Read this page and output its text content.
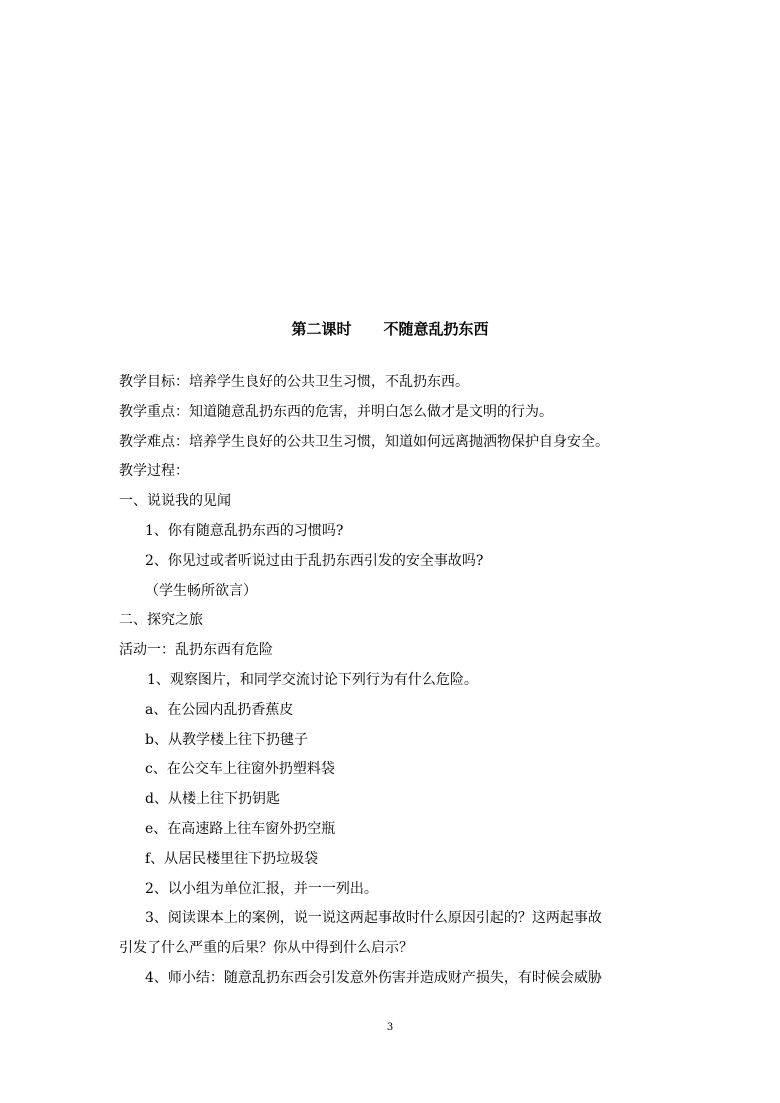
第二课时 不随意乱扔东西
教学目标：培养学生良好的公共卫生习惯，不乱扔东西。
教学重点：知道随意乱扔东西的危害，并明白怎么做才是文明的行为。
教学难点：培养学生良好的公共卫生习惯，知道如何远离抛洒物保护自身安全。
教学过程：
一、说说我的见闻
1、你有随意乱扔东西的习惯吗?
2、你见过或者听说过由于乱扔东西引发的安全事故吗?
（学生畅所欲言）
二、探究之旅
活动一：乱扔东西有危险
1、观察图片，和同学交流讨论下列行为有什么危险。
a、在公园内乱扔香蕉皮
b、从教学楼上往下扔毽子
c、在公交车上往窗外扔塑料袋
d、从楼上往下扔钥匙
e、在高速路上往车窗外扔空瓶
f、从居民楼里往下扔垃圾袋
2、以小组为单位汇报，并一一列出。
3、阅读课本上的案例，说一说这两起事故时什么原因引起的？这两起事故
引发了什么严重的后果？你从中得到什么启示？
4、师小结：随意乱扔东西会引发意外伤害并造成财产损失，有时候会威胁
3
